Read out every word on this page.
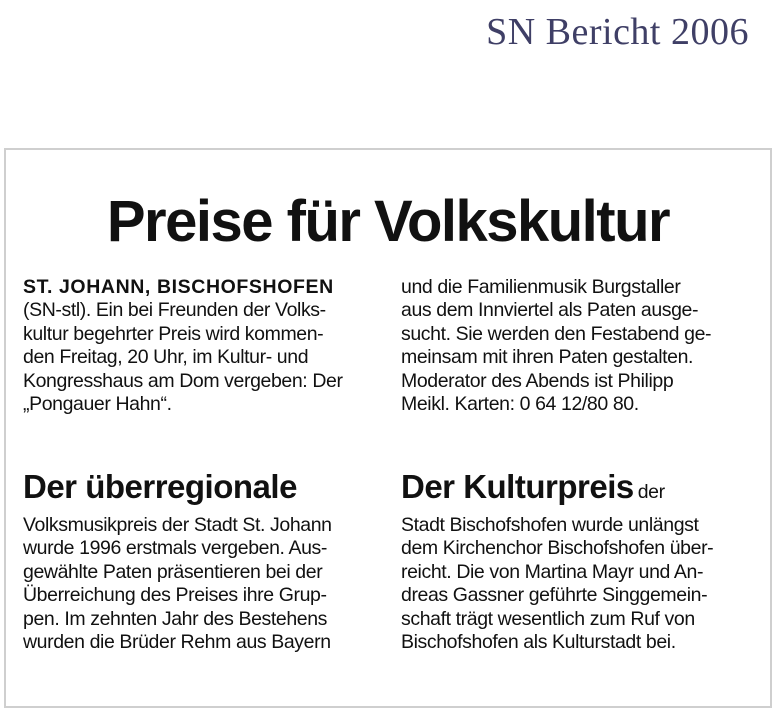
SN Bericht 2006
Preise für Volkskultur
ST. JOHANN, BISCHOFSHOFEN
(SN-stl). Ein bei Freunden der Volks-
kultur begehrter Preis wird kommen-
den Freitag, 20 Uhr, im Kultur- und
Kongresshaus am Dom vergeben: Der
„Pongauer Hahn“.
und die Familienmusik Burgstaller
aus dem Innviertel als Paten ausge-
sucht. Sie werden den Festabend ge-
meinsam mit ihren Paten gestalten.
Moderator des Abends ist Philipp
Meikl. Karten: 0 64 12/80 80.
Der überregionale	Der Kulturpreis der
Volksmusikpreis der Stadt St. Johann
wurde 1996 erstmals vergeben. Aus-
gewählte Paten präsentieren bei der
Überreichung des Preises ihre Grup-
pen. Im zehnten Jahr des Bestehens
wurden die Brüder Rehm aus Bayern
Stadt Bischofshofen wurde unlängst
dem Kirchenchor Bischofshofen über-
reicht. Die von Martina Mayr und An-
dreas Gassner geführte Singgemein-
schaft trägt wesentlich zum Ruf von
Bischofshofen als Kulturstadt bei.
